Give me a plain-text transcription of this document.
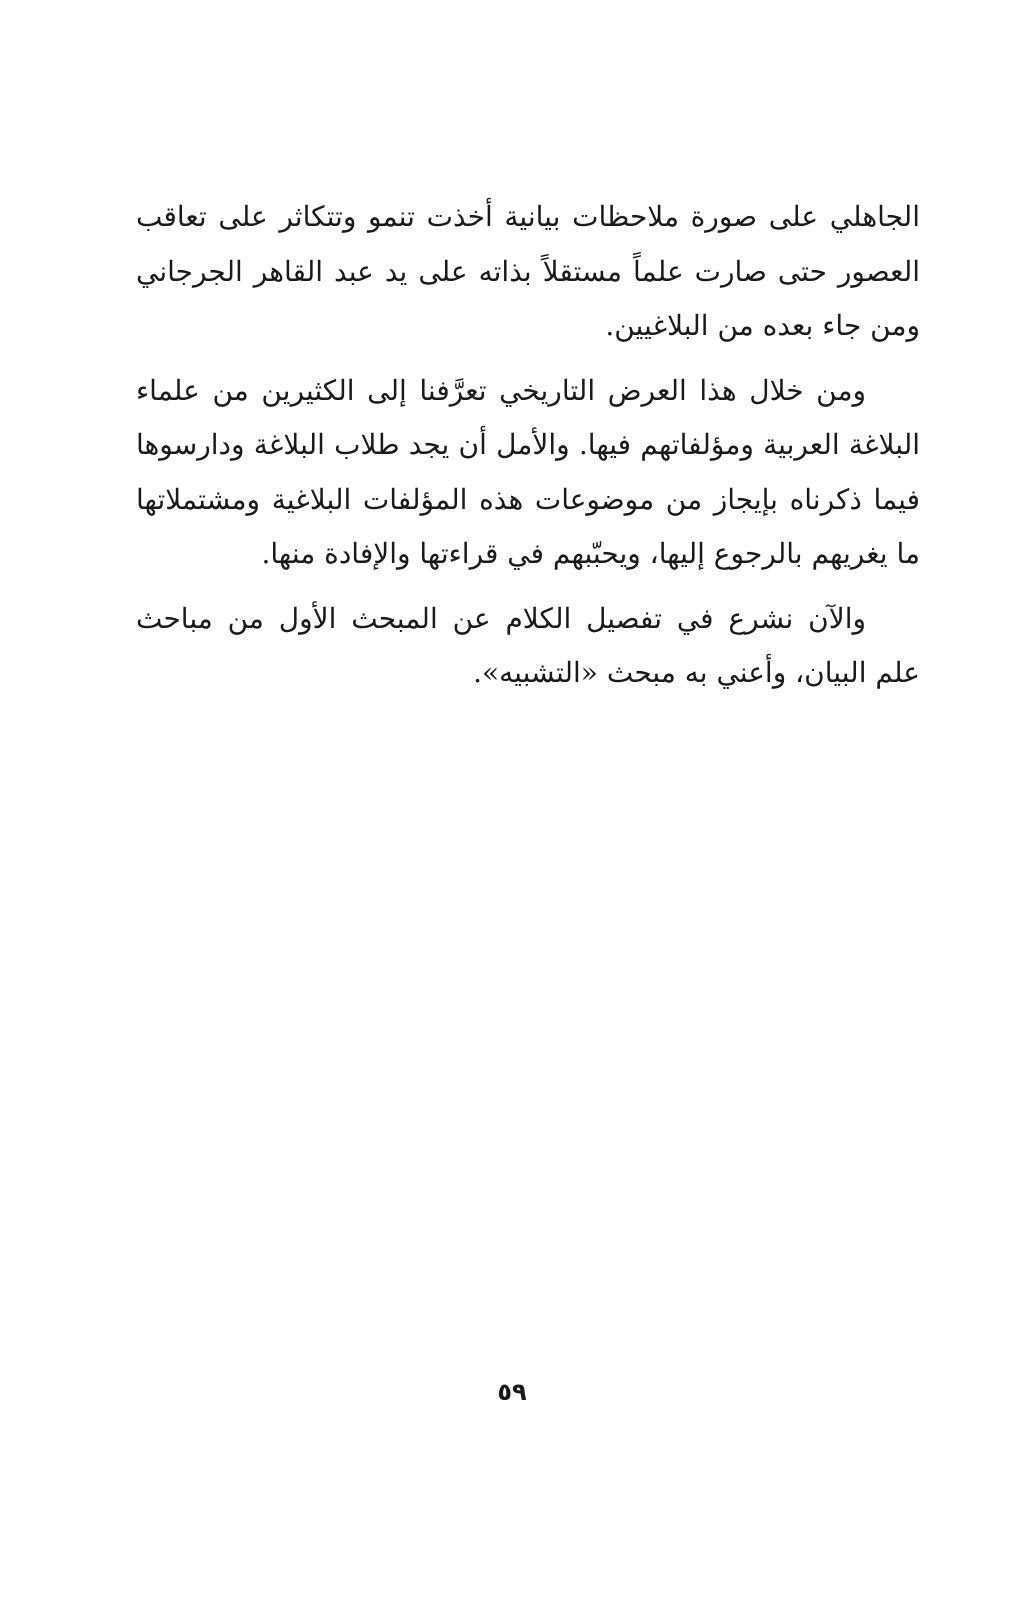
الجاهلي على صورة ملاحظات بيانية أخذت تنمو وتتكاثر على تعاقب العصور حتى صارت علماً مستقلاً بذاته على يد عبد القاهر الجرجاني ومن جاء بعده من البلاغيين.

ومن خلال هذا العرض التاريخي تعرَّفنا إلى الكثيرين من علماء البلاغة العربية ومؤلفاتهم فيها. والأمل أن يجد طلاب البلاغة ودارسوها فيما ذكرناه بإيجاز من موضوعات هذه المؤلفات البلاغية ومشتملاتها ما يغريهم بالرجوع إليها، ويحبّبهم في قراءتها والإفادة منها.

والآن نشرع في تفصيل الكلام عن المبحث الأول من مباحث علم البيان، وأعني به مبحث «التشبيه».

٥٩
